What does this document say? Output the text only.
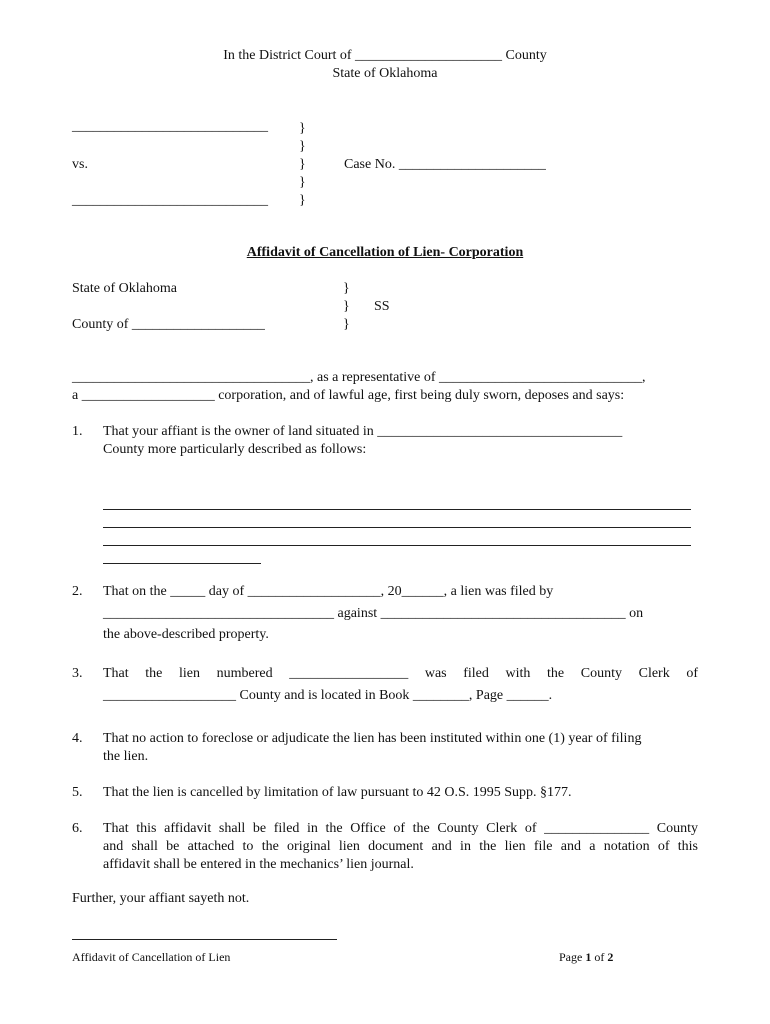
In the District Court of _____________________ County
State of Oklahoma
____________________________
vs.
____________________________
}
}
}
}
}
Case No. _____________________
Affidavit of Cancellation of Lien- Corporation
State of Oklahoma
County of ___________________
}
}
}
SS
__________________________________, as a representative of _____________________________,
a ___________________ corporation, and of lawful age, first being duly sworn, deposes and says:
1. That your affiant is the owner of land situated in ___________________________________
County more particularly described as follows:
2. That on the _____ day of ___________________, 20______, a lien was filed by
_________________________________ against ___________________________________ on
the above-described property.
3. That the lien numbered _________________ was filed with the County Clerk of
___________________ County and is located in Book ________, Page ______.
4. That no action to foreclose or adjudicate the lien has been instituted within one (1) year of filing
the lien.
5. That the lien is cancelled by limitation of law pursuant to 42 O.S. 1995 Supp. §177.
6. That this affidavit shall be filed in the Office of the County Clerk of _______________ County
and shall be attached to the original lien document and in the lien file and a notation of this
affidavit shall be entered in the mechanics’ lien journal.
Further, your affiant sayeth not.
Affidavit of Cancellation of Lien	Page 1 of 2
